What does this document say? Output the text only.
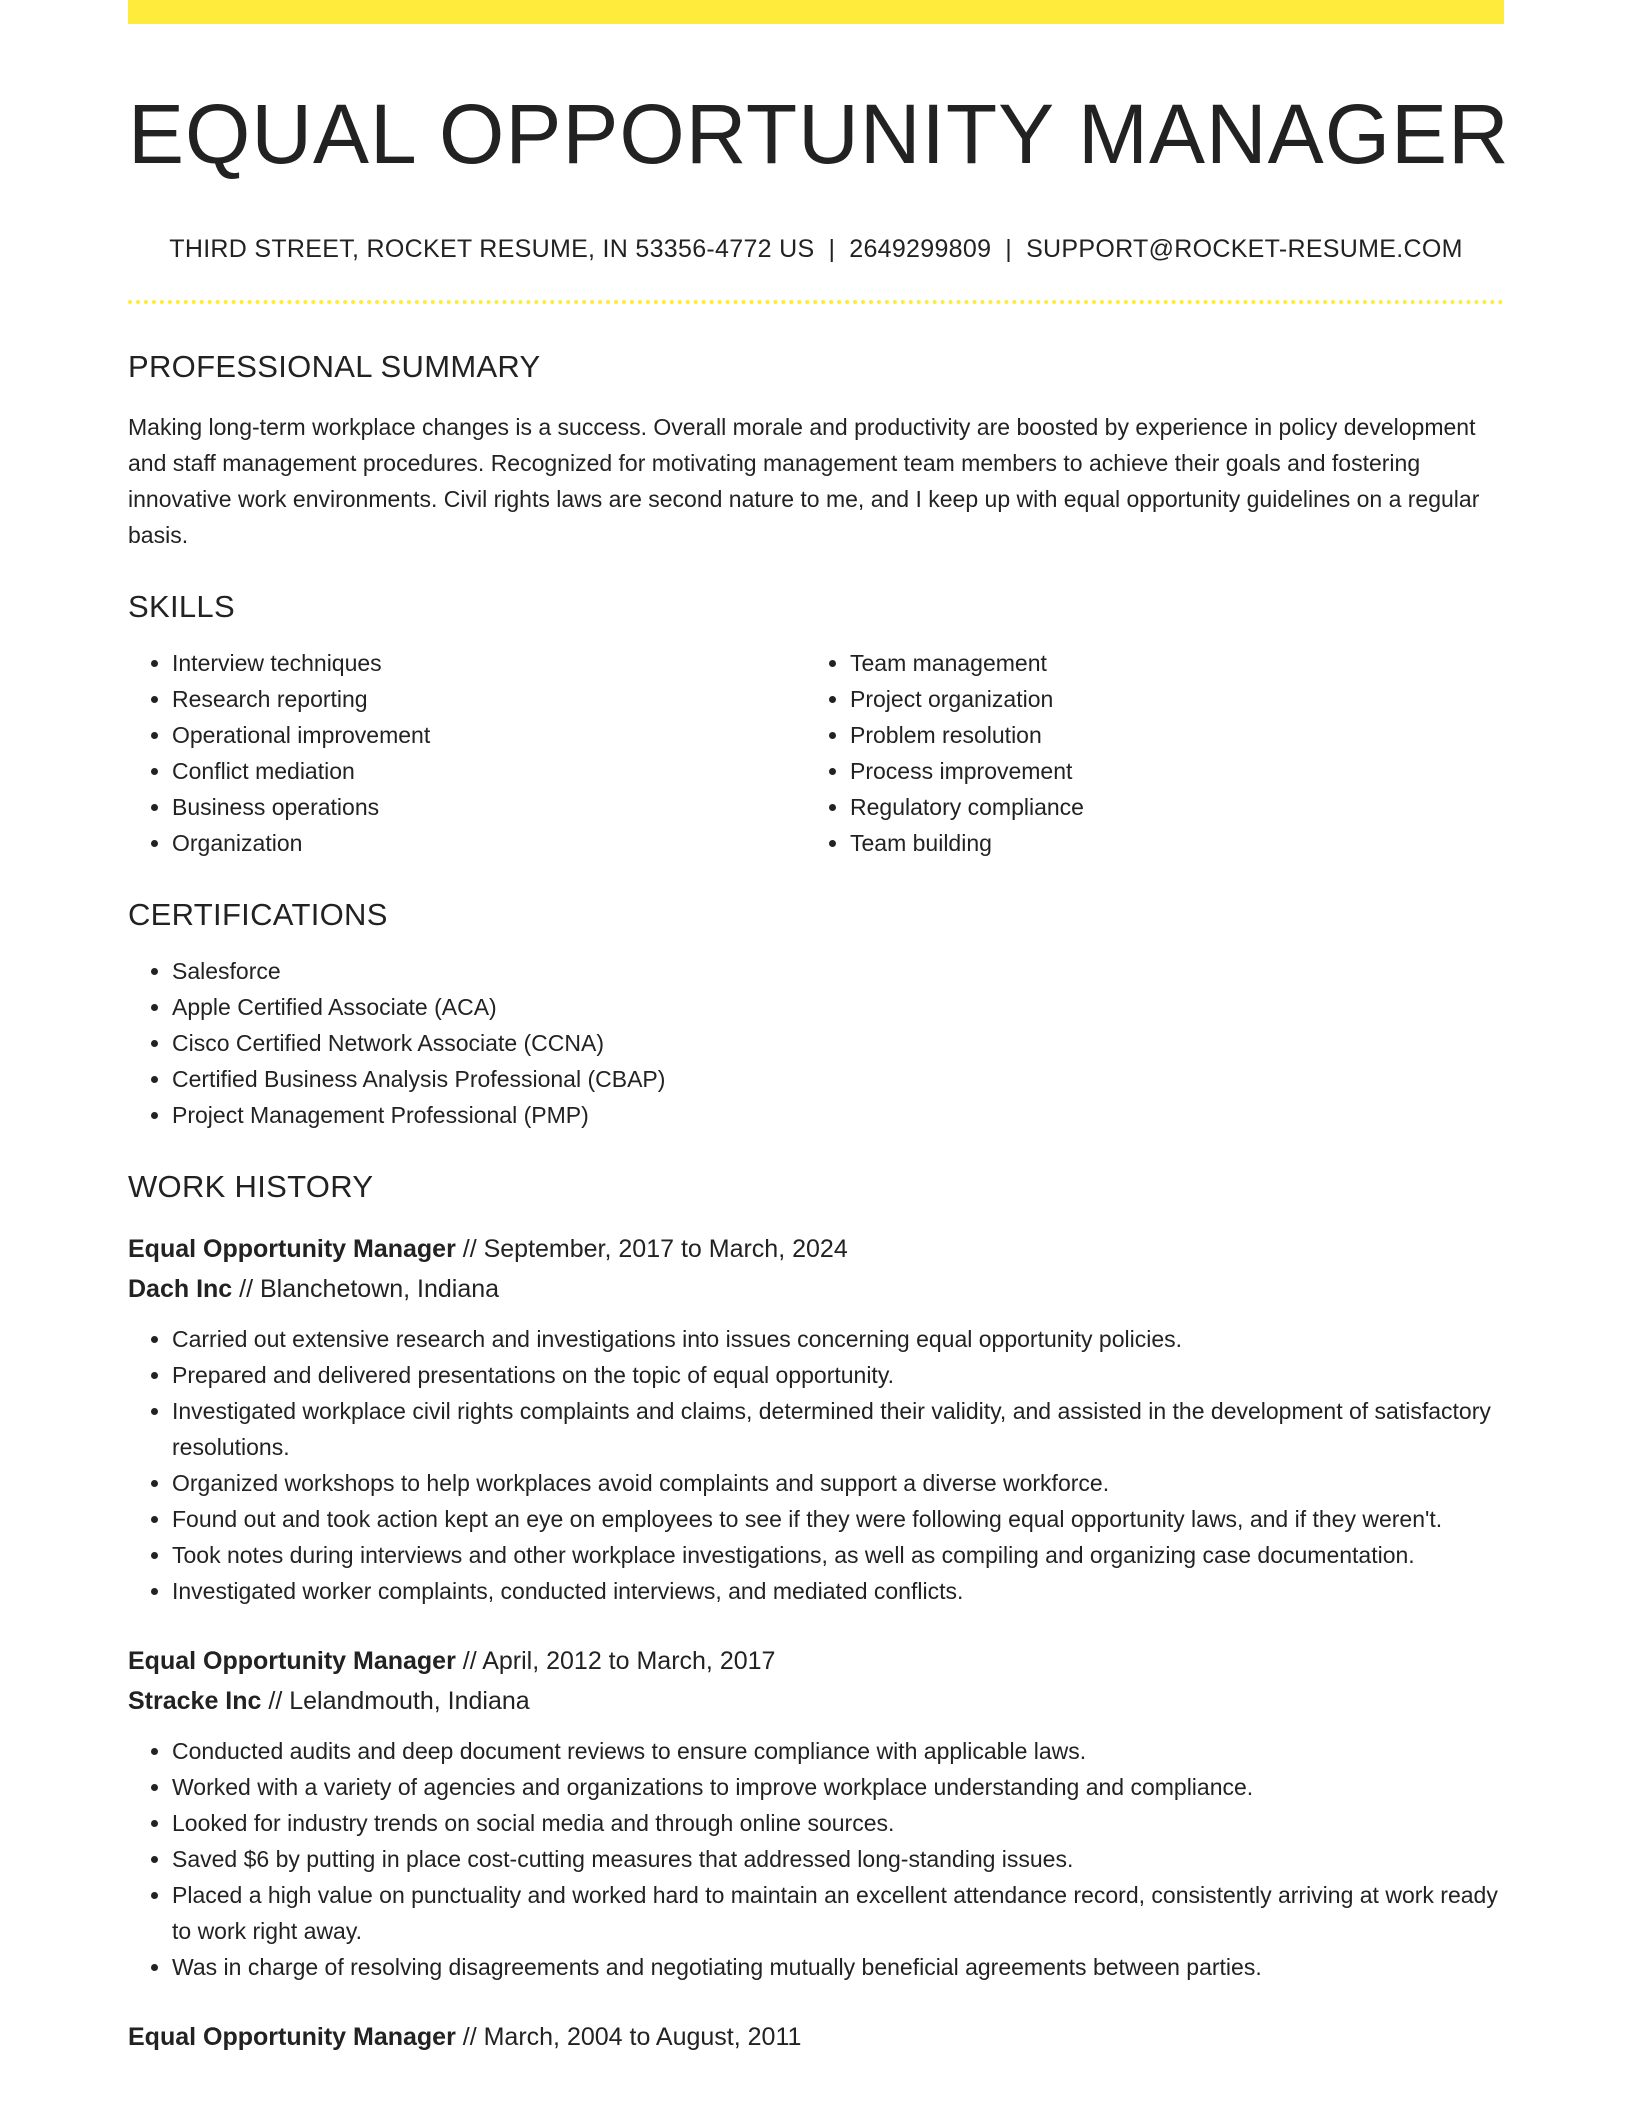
EQUAL OPPORTUNITY MANAGER
THIRD STREET, ROCKET RESUME, IN 53356-4772 US | 2649299809 | SUPPORT@ROCKET-RESUME.COM
PROFESSIONAL SUMMARY
Making long-term workplace changes is a success. Overall morale and productivity are boosted by experience in policy development and staff management procedures. Recognized for motivating management team members to achieve their goals and fostering innovative work environments. Civil rights laws are second nature to me, and I keep up with equal opportunity guidelines on a regular basis.
SKILLS
• Interview techniques
• Research reporting
• Operational improvement
• Conflict mediation
• Business operations
• Organization
• Team management
• Project organization
• Problem resolution
• Process improvement
• Regulatory compliance
• Team building
CERTIFICATIONS
• Salesforce
• Apple Certified Associate (ACA)
• Cisco Certified Network Associate (CCNA)
• Certified Business Analysis Professional (CBAP)
• Project Management Professional (PMP)
WORK HISTORY
Equal Opportunity Manager // September, 2017 to March, 2024
Dach Inc // Blanchetown, Indiana
• Carried out extensive research and investigations into issues concerning equal opportunity policies.
• Prepared and delivered presentations on the topic of equal opportunity.
• Investigated workplace civil rights complaints and claims, determined their validity, and assisted in the development of satisfactory resolutions.
• Organized workshops to help workplaces avoid complaints and support a diverse workforce.
• Found out and took action kept an eye on employees to see if they were following equal opportunity laws, and if they weren't.
• Took notes during interviews and other workplace investigations, as well as compiling and organizing case documentation.
• Investigated worker complaints, conducted interviews, and mediated conflicts.
Equal Opportunity Manager // April, 2012 to March, 2017
Stracke Inc // Lelandmouth, Indiana
• Conducted audits and deep document reviews to ensure compliance with applicable laws.
• Worked with a variety of agencies and organizations to improve workplace understanding and compliance.
• Looked for industry trends on social media and through online sources.
• Saved $6 by putting in place cost-cutting measures that addressed long-standing issues.
• Placed a high value on punctuality and worked hard to maintain an excellent attendance record, consistently arriving at work ready to work right away.
• Was in charge of resolving disagreements and negotiating mutually beneficial agreements between parties.
Equal Opportunity Manager // March, 2004 to August, 2011
